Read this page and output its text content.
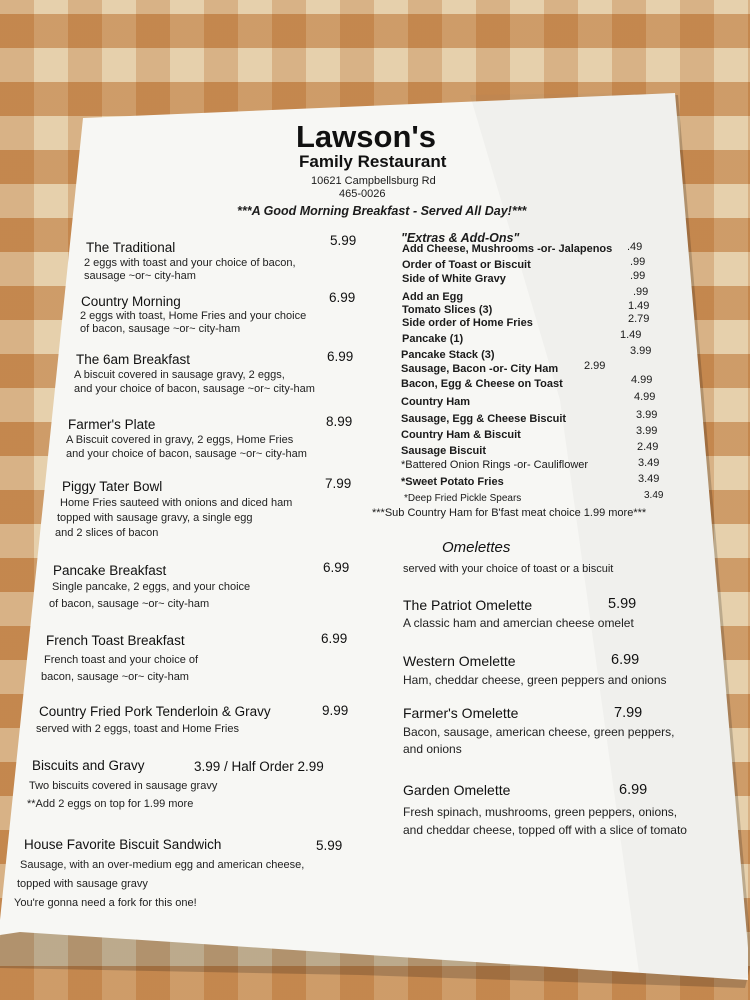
Lawson's
Family Restaurant
10621 Campbellsburg Rd
465-0026
***A Good Morning Breakfast - Served All Day!***
The Traditional	5.99
2 eggs with toast and your choice of bacon,
sausage ~or~ city-ham
Country Morning	6.99
2 eggs with toast, Home Fries and your choice
of bacon, sausage ~or~ city-ham
The 6am Breakfast	6.99
A biscuit covered in sausage gravy, 2 eggs,
and your choice of bacon, sausage ~or~ city-ham
Farmer's Plate	8.99
A Biscuit covered in gravy, 2 eggs, Home Fries
and your choice of bacon, sausage ~or~ city-ham
Piggy Tater Bowl	7.99
Home Fries sauteed with onions and diced ham
topped with sausage gravy, a single egg
and 2 slices of bacon
Pancake Breakfast	6.99
Single pancake, 2 eggs, and your choice
of bacon, sausage ~or~ city-ham
French Toast Breakfast	6.99
French toast and your choice of
bacon, sausage ~or~ city-ham
Country Fried Pork Tenderloin & Gravy	9.99
served with 2 eggs, toast and Home Fries
Biscuits and Gravy	3.99 / Half Order 2.99
Two biscuits covered in sausage gravy
**Add 2 eggs on top for 1.99 more
House Favorite Biscuit Sandwich	5.99
Sausage, with an over-medium egg and american cheese,
topped with sausage gravy
You're gonna need a fork for this one!
"Extras & Add-Ons"
Add Cheese, Mushrooms -or- Jalapenos .49
Order of Toast or Biscuit	.99
Side of White Gravy	.99
Add an Egg	.99
Tomato Slices (3)	1.49
Side order of Home Fries	2.79
Pancake (1)	1.49
Pancake Stack (3)	3.99
Sausage, Bacon -or- City Ham 2.99
Bacon, Egg & Cheese on Toast	4.99
Country Ham	4.99
Sausage, Egg & Cheese Biscuit	3.99
Country Ham & Biscuit	3.99
Sausage Biscuit	2.49
*Battered Onion Rings -or- Cauliflower	3.49
*Sweet Potato Fries	3.49
*Deep Fried Pickle Spears	3.49
***Sub Country Ham for B'fast meat choice 1.99 more***
Omelettes
served with your choice of toast or a biscuit
The Patriot Omelette	5.99
A classic ham and amercian cheese omelet
Western Omelette	6.99
Ham, cheddar cheese, green peppers and onions
Farmer's Omelette	7.99
Bacon, sausage, american cheese, green peppers,
and onions
Garden Omelette	6.99
Fresh spinach, mushrooms, green peppers, onions,
and cheddar cheese, topped off with a slice of tomato
